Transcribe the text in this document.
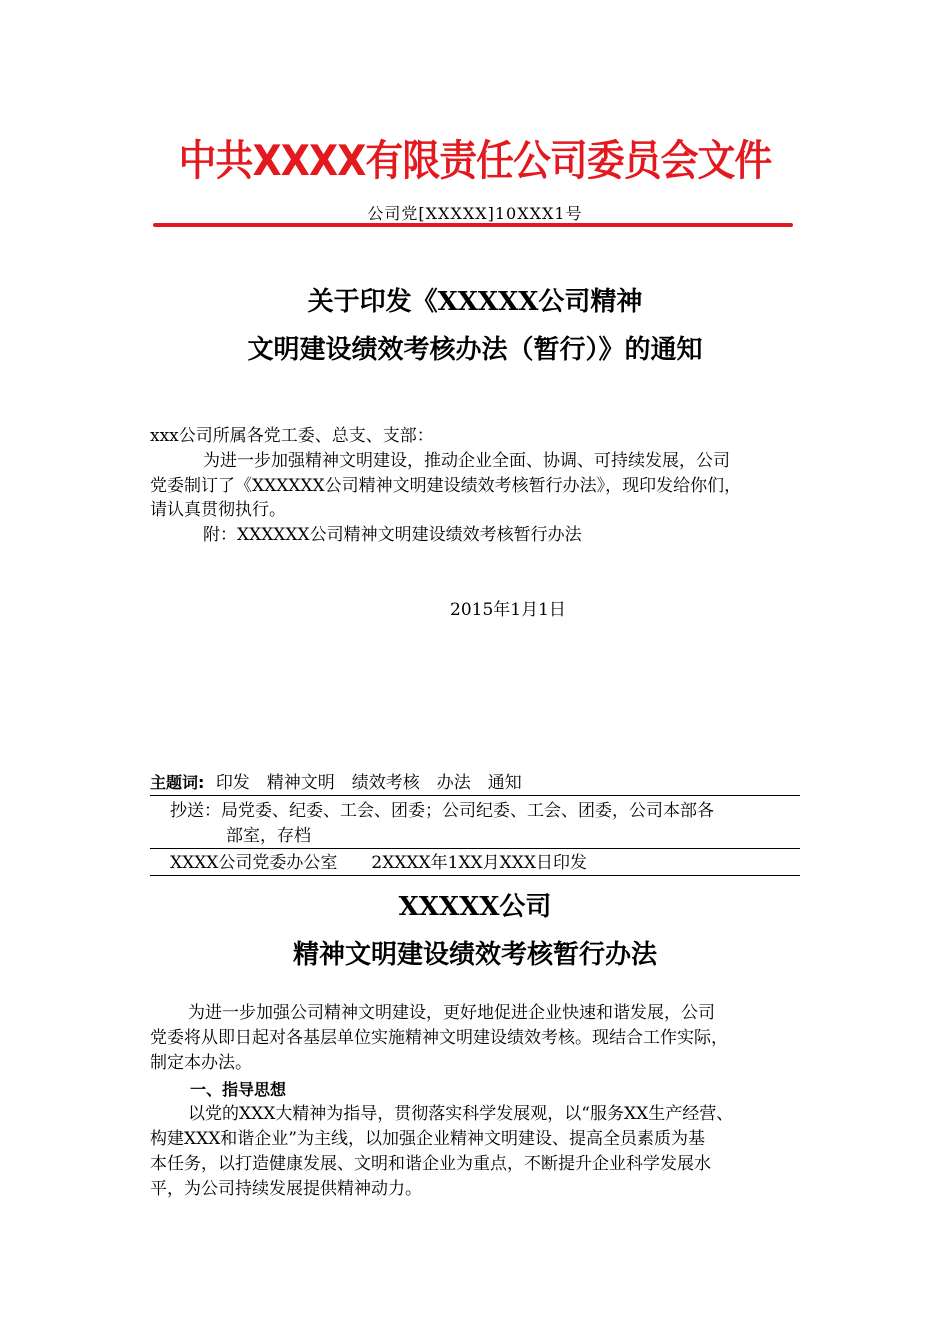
中共XXXX有限责任公司委员会文件
公司党[XXXXX]10XXX1号
关于印发《XXXXX公司精神
文明建设绩效考核办法（暂行）》的通知
xxx公司所属各党工委、总支、支部：
为进一步加强精神文明建设，推动企业全面、协调、可持续发展，公司
党委制订了《XXXXXX公司精神文明建设绩效考核暂行办法》，现印发给你们，
请认真贯彻执行。
附：XXXXXX公司精神文明建设绩效考核暂行办法
2015年1月1日
主题词: 印发　精神文明　绩效考核　办法　通知
抄送：局党委、纪委、工会、团委；公司纪委、工会、团委，公司本部各
部室，存档
XXXX公司党委办公室　　2XXXX年1XX月XXX日印发
XXXXX公司
精神文明建设绩效考核暂行办法
为进一步加强公司精神文明建设，更好地促进企业快速和谐发展，公司
党委将从即日起对各基层单位实施精神文明建设绩效考核。现结合工作实际，
制定本办法。
一、指导思想
以党的XXX大精神为指导，贯彻落实科学发展观，以“服务XX生产经营、
构建XXX和谐企业”为主线，以加强企业精神文明建设、提高全员素质为基
本任务，以打造健康发展、文明和谐企业为重点，不断提升企业科学发展水
平，为公司持续发展提供精神动力。
